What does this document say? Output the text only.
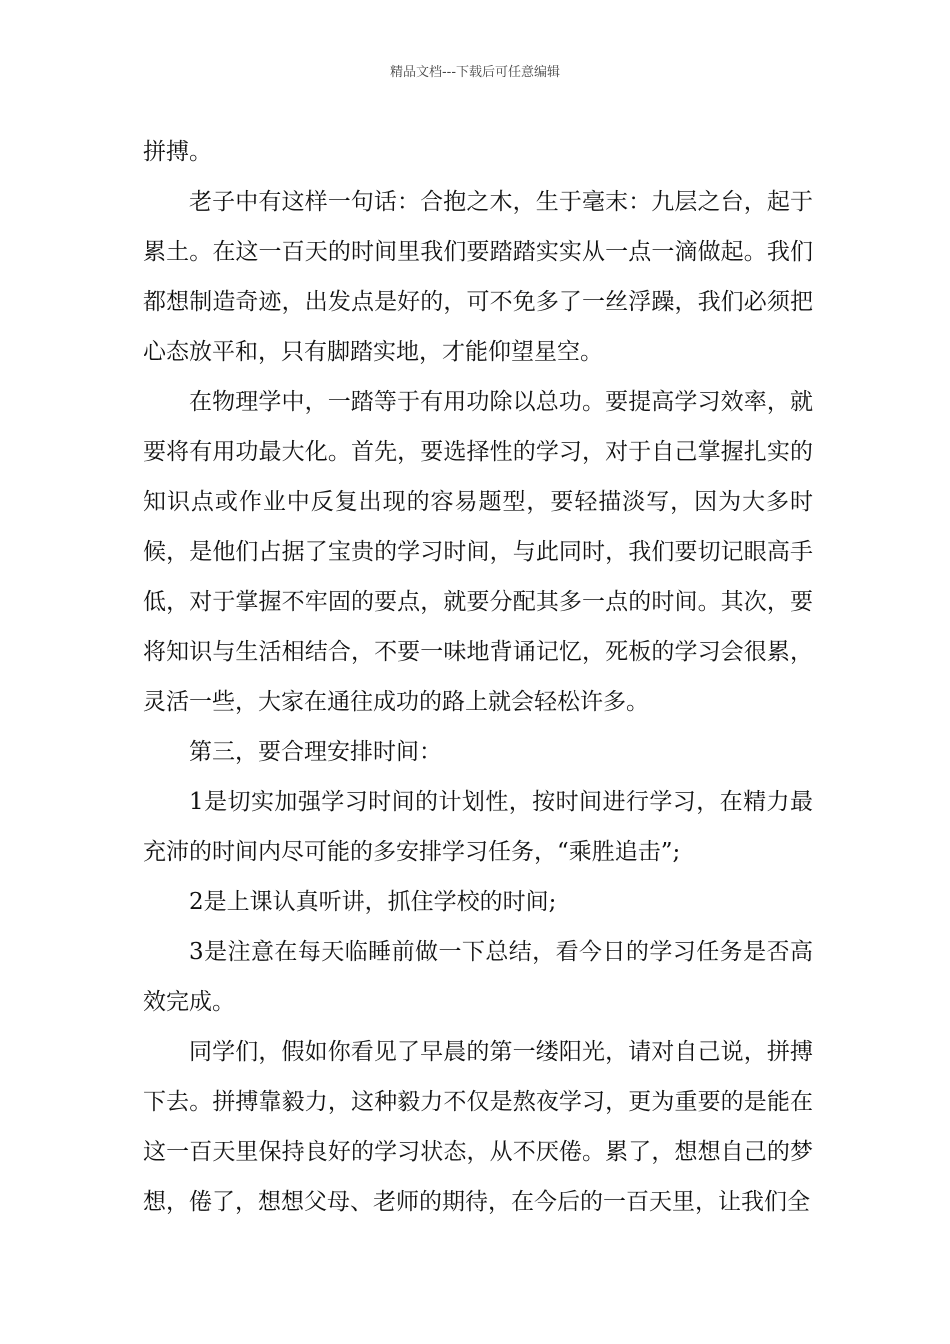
精品文档---下载后可任意编辑

拼搏。

老子中有这样一句话：合抱之木，生于毫末：九层之台，起于累土。在这一百天的时间里我们要踏踏实实从一点一滴做起。我们都想制造奇迹，出发点是好的，可不免多了一丝浮躁，我们必须把心态放平和，只有脚踏实地，才能仰望星空。

在物理学中，一踏等于有用功除以总功。要提高学习效率，就要将有用功最大化。首先，要选择性的学习，对于自己掌握扎实的知识点或作业中反复出现的容易题型，要轻描淡写，因为大多时候，是他们占据了宝贵的学习时间，与此同时，我们要切记眼高手低，对于掌握不牢固的要点，就要分配其多一点的时间。其次，要将知识与生活相结合，不要一味地背诵记忆，死板的学习会很累，灵活一些，大家在通往成功的路上就会轻松许多。

第三，要合理安排时间：

1是切实加强学习时间的计划性，按时间进行学习，在精力最充沛的时间内尽可能的多安排学习任务，“乘胜追击”;

2是上课认真听讲，抓住学校的时间;

3是注意在每天临睡前做一下总结，看今日的学习任务是否高效完成。

同学们，假如你看见了早晨的第一缕阳光，请对自己说，拼搏下去。拼搏靠毅力，这种毅力不仅是熬夜学习，更为重要的是能在这一百天里保持良好的学习状态，从不厌倦。累了，想想自己的梦想，倦了，想想父母、老师的期待，在今后的一百天里，让我们全
